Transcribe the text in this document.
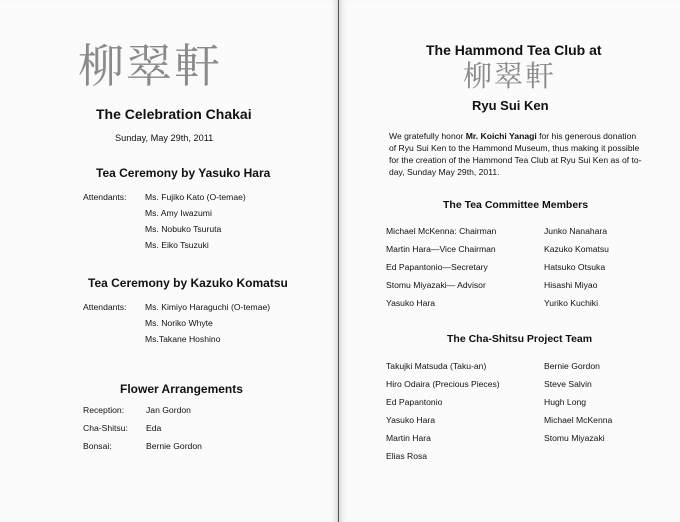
柳翠軒
The Celebration Chakai
Sunday, May 29th, 2011
Tea Ceremony by Yasuko Hara
Attendants: Ms. Fujiko Kato (O-temae)
Ms. Amy Iwazumi
Ms. Nobuko Tsuruta
Ms. Eiko Tsuzuki
Tea Ceremony by Kazuko Komatsu
Attendants: Ms. Kimiyo Haraguchi (O-temae)
Ms. Noriko Whyte
Ms.Takane Hoshino
Flower Arrangements
Reception:
Cha-Shitsu:
Bonsai:
Jan Gordon
Eda
Bernie Gordon
The Hammond Tea Club at
柳翠軒
Ryu Sui Ken
We gratefully honor Mr. Koichi Yanagi for his generous donation
of Ryu Sui Ken to the Hammond Museum, thus making it possible
for the creation of the Hammond Tea Club at Ryu Sui Ken as of to-
day, Sunday May 29th, 2011.
The Tea Committee Members
Michael McKenna: Chairman
Martin Hara—Vice Chairman
Ed Papantonio—Secretary
Stomu Miyazaki— Advisor
Yasuko Hara
Junko Nanahara
Kazuko Komatsu
Hatsuko Otsuka
Hisashi Miyao
Yuriko Kuchiki
The Cha-Shitsu Project Team
Takujki Matsuda (Taku-an)
Hiro Odaira (Precious Pieces)
Ed Papantonio
Yasuko Hara
Martin Hara
Elias Rosa
Bernie Gordon
Steve Salvin
Hugh Long
Michael McKenna
Stomu Miyazaki
